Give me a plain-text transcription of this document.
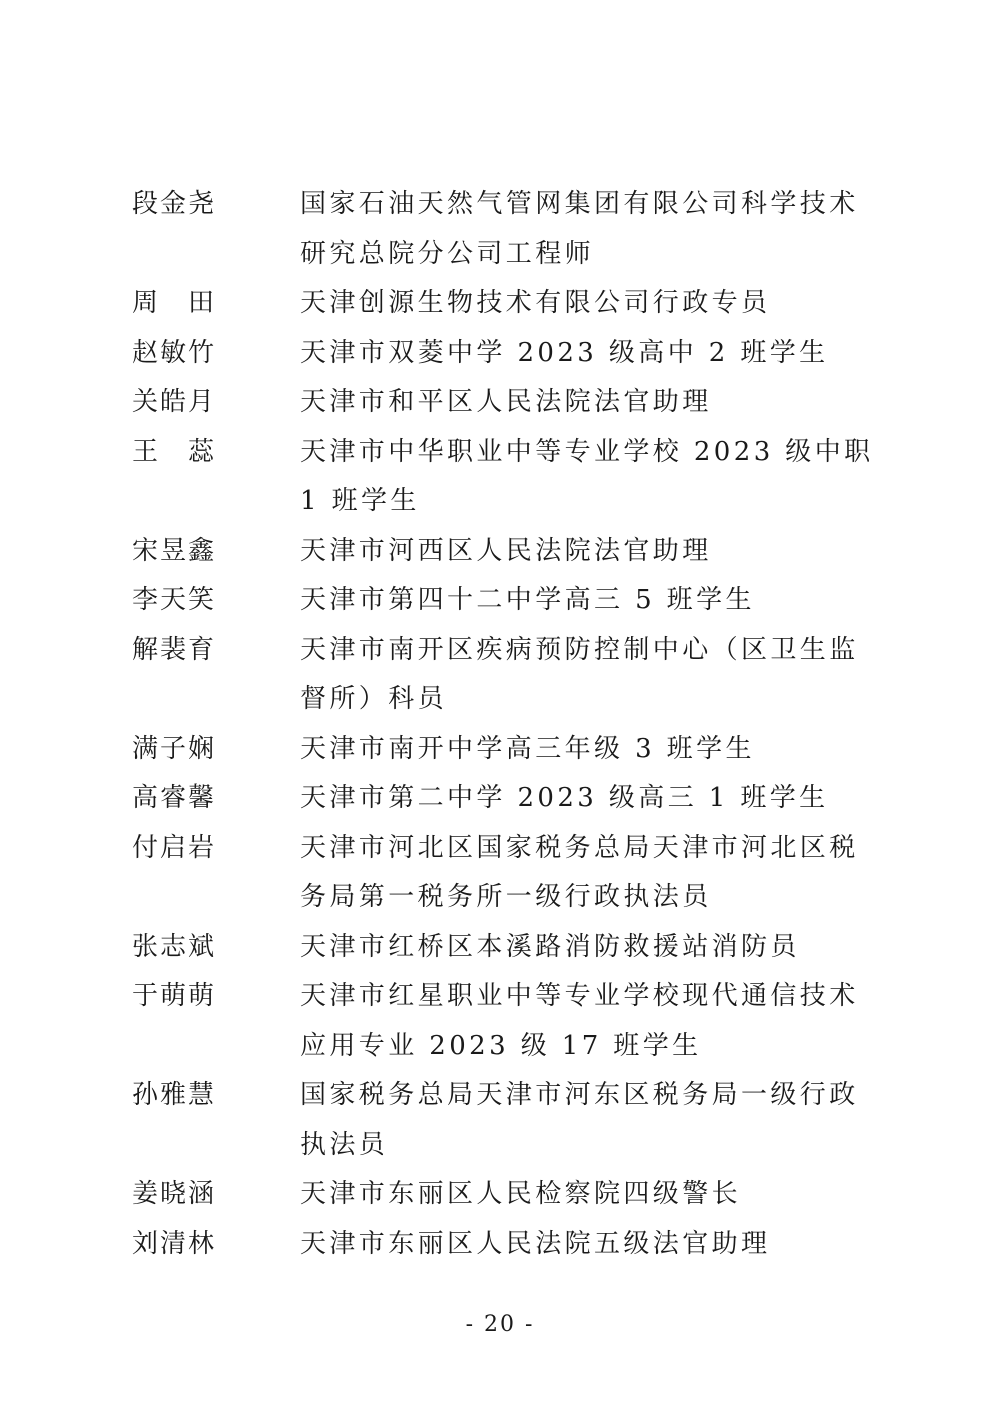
段金尧	国家石油天然气管网集团有限公司科学技术研究总院分公司工程师
周　田	天津创源生物技术有限公司行政专员
赵敏竹	天津市双菱中学 2023 级高中 2 班学生
关皓月	天津市和平区人民法院法官助理
王　蕊	天津市中华职业中等专业学校 2023 级中职 1 班学生
宋昱鑫	天津市河西区人民法院法官助理
李天笑	天津市第四十二中学高三 5 班学生
解裴育	天津市南开区疾病预防控制中心（区卫生监督所）科员
满子娴	天津市南开中学高三年级 3 班学生
高睿馨	天津市第二中学 2023 级高三 1 班学生
付启岩	天津市河北区国家税务总局天津市河北区税务局第一税务所一级行政执法员
张志斌	天津市红桥区本溪路消防救援站消防员
于萌萌	天津市红星职业中等专业学校现代通信技术应用专业 2023 级 17 班学生
孙雅慧	国家税务总局天津市河东区税务局一级行政执法员
姜晓涵	天津市东丽区人民检察院四级警长
刘清林	天津市东丽区人民法院五级法官助理
- 20 -
